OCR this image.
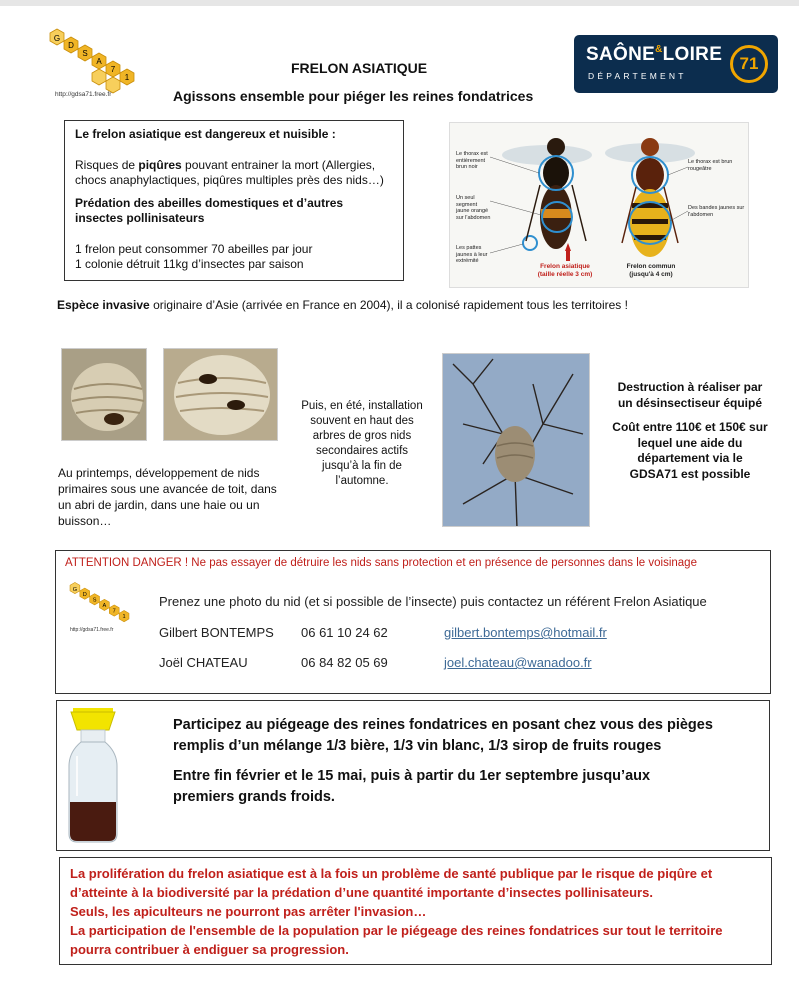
G
D
S
A
7
1
http://gdsa71.free.fr
SAÔNE&LOIRE
DÉPARTEMENT
71
FRELON ASIATIQUE
Agissons ensemble pour piéger les reines fondatrices
Le frelon asiatique est dangereux et nuisible :

Risques de piqûres pouvant entrainer la mort (Allergies, chocs anaphylactiques, piqûres multiples près des nids…)

Prédation des abeilles domestiques et d’autres insectes pollinisateurs

1 frelon peut consommer 70 abeilles par jour
1 colonie détruit 11kg d’insectes par saison
Le thorax est entièrement brun noir
Un seul segment jaune orangé sur l'abdomen
Les pattes jaunes à leur extrémité
Le thorax est brun rougeâtre
Des bandes jaunes sur l'abdomen
Frelon asiatique
(taille réelle 3 cm)
Frelon commun
(jusqu'à 4 cm)
Espèce invasive originaire d’Asie (arrivée en France en 2004), il a colonisé rapidement tous les territoires !
Au printemps, développement de nids primaires sous une avancée de toit, dans un abri de jardin, dans une haie ou un buisson…
Puis, en été, installation souvent en haut des arbres de gros nids secondaires actifs jusqu’à la fin de l’automne.
Destruction à réaliser par un désinsectiseur équipé
Coût entre 110€ et 150€ sur lequel une aide du département via le GDSA71 est possible
ATTENTION DANGER ! Ne pas essayer de détruire les nids sans protection et en présence de personnes dans le voisinage
G
D
S
A
7
1
http://gdsa71.free.fr
Prenez une photo du nid (et si possible de l’insecte) puis contactez un référent Frelon Asiatique
Gilbert BONTEMPS 06 61 10 24 62	gilbert.bontemps@hotmail.fr
Joël CHATEAU	06 84 82 05 69	joel.chateau@wanadoo.fr

Participez au piégeage des reines fondatrices en posant chez vous des pièges remplis d’un mélange 1/3 bière, 1/3 vin blanc, 1/3 sirop de fruits rouges

Entre fin février et le 15 mai, puis à partir du 1er septembre jusqu’aux premiers grands froids.

La prolifération du frelon asiatique est à la fois un problème de santé publique par le risque de piqûre et d’atteinte à la biodiversité par la prédation d’une quantité importante d’insectes pollinisateurs.
Seuls, les apiculteurs ne pourront pas arrêter l'invasion…
La participation de l'ensemble de la population par le piégeage des reines fondatrices sur tout le territoire pourra contribuer à endiguer sa progression.
